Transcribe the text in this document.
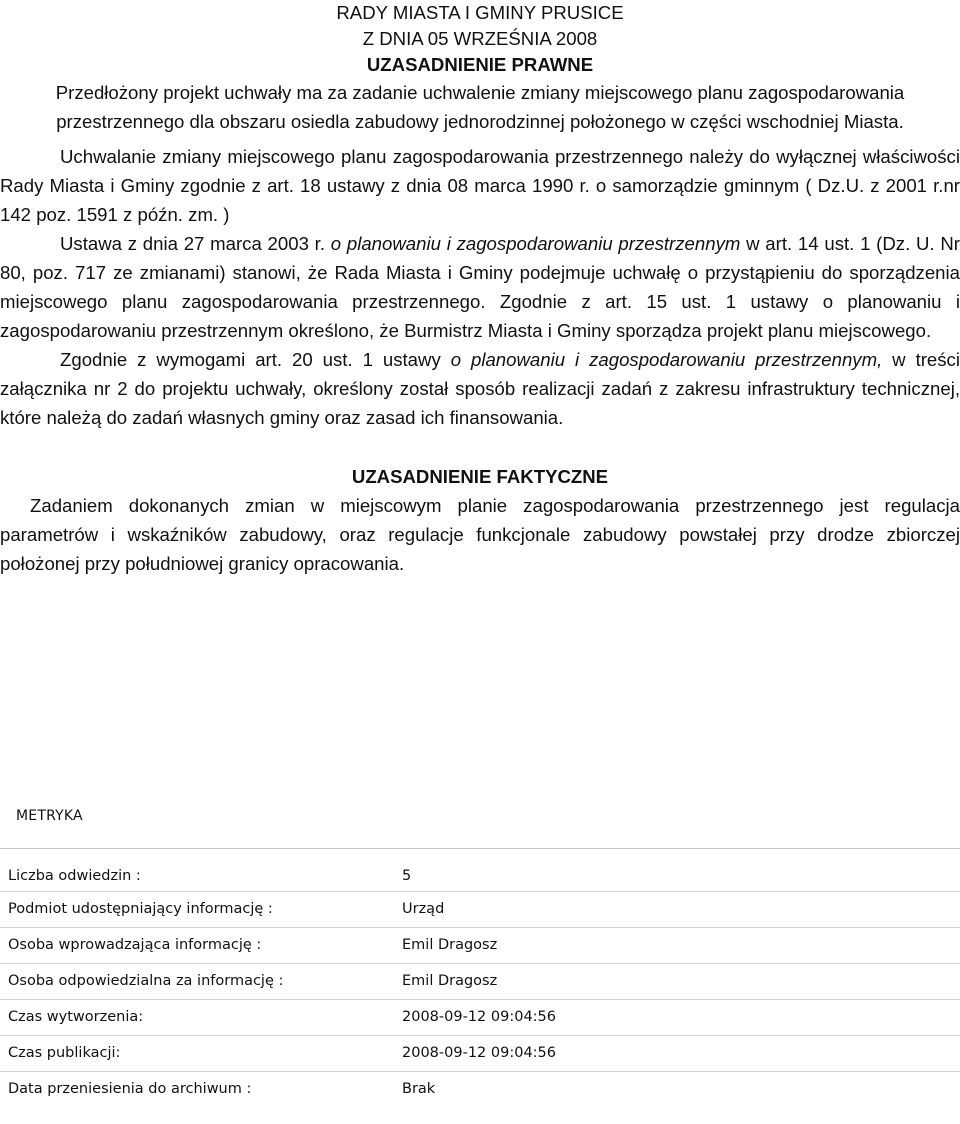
RADY MIASTA I GMINY PRUSICE
Z DNIA 05 WRZEŚNIA 2008
UZASADNIENIE PRAWNE

Przedłożony projekt uchwały ma za zadanie uchwalenie zmiany miejscowego planu zagospodarowania przestrzennego dla obszaru osiedla zabudowy jednorodzinnej położonego w części wschodniej Miasta.

Uchwalanie zmiany miejscowego planu zagospodarowania przestrzennego należy do wyłącznej właściwości Rady Miasta i Gminy zgodnie z art. 18 ustawy z dnia 08 marca 1990 r. o samorządzie gminnym ( Dz.U. z 2001 r.nr 142 poz. 1591 z późn. zm. )

Ustawa z dnia 27 marca 2003 r. o planowaniu i zagospodarowaniu przestrzennym w art. 14 ust. 1 (Dz. U. Nr 80, poz. 717 ze zmianami) stanowi, że Rada Miasta i Gminy podejmuje uchwałę o przystąpieniu do sporządzenia miejscowego planu zagospodarowania przestrzennego. Zgodnie z art. 15 ust. 1 ustawy o planowaniu i zagospodarowaniu przestrzennym określono, że Burmistrz Miasta i Gminy sporządza projekt planu miejscowego.

Zgodnie z wymogami art. 20 ust. 1 ustawy o planowaniu i zagospodarowaniu przestrzennym, w treści załącznika nr 2 do projektu uchwały, określony został sposób realizacji zadań z zakresu infrastruktury technicznej, które należą do zadań własnych gminy oraz zasad ich finansowania.

UZASADNIENIE FAKTYCZNE

Zadaniem dokonanych zmian w miejscowym planie zagospodarowania przestrzennego jest regulacja parametrów i wskaźników zabudowy, oraz regulacje funkcjonale zabudowy powstałej przy drodze zbiorczej położonej przy południowej granicy opracowania.

METRYKA
Liczba odwiedzin :	5
Podmiot udostępniający informację :	Urząd
Osoba wprowadzająca informację :	Emil Dragosz
Osoba odpowiedzialna za informację :	Emil Dragosz
Czas wytworzenia:	2008-09-12 09:04:56
Czas publikacji:	2008-09-12 09:04:56
Data przeniesienia do archiwum :	Brak
